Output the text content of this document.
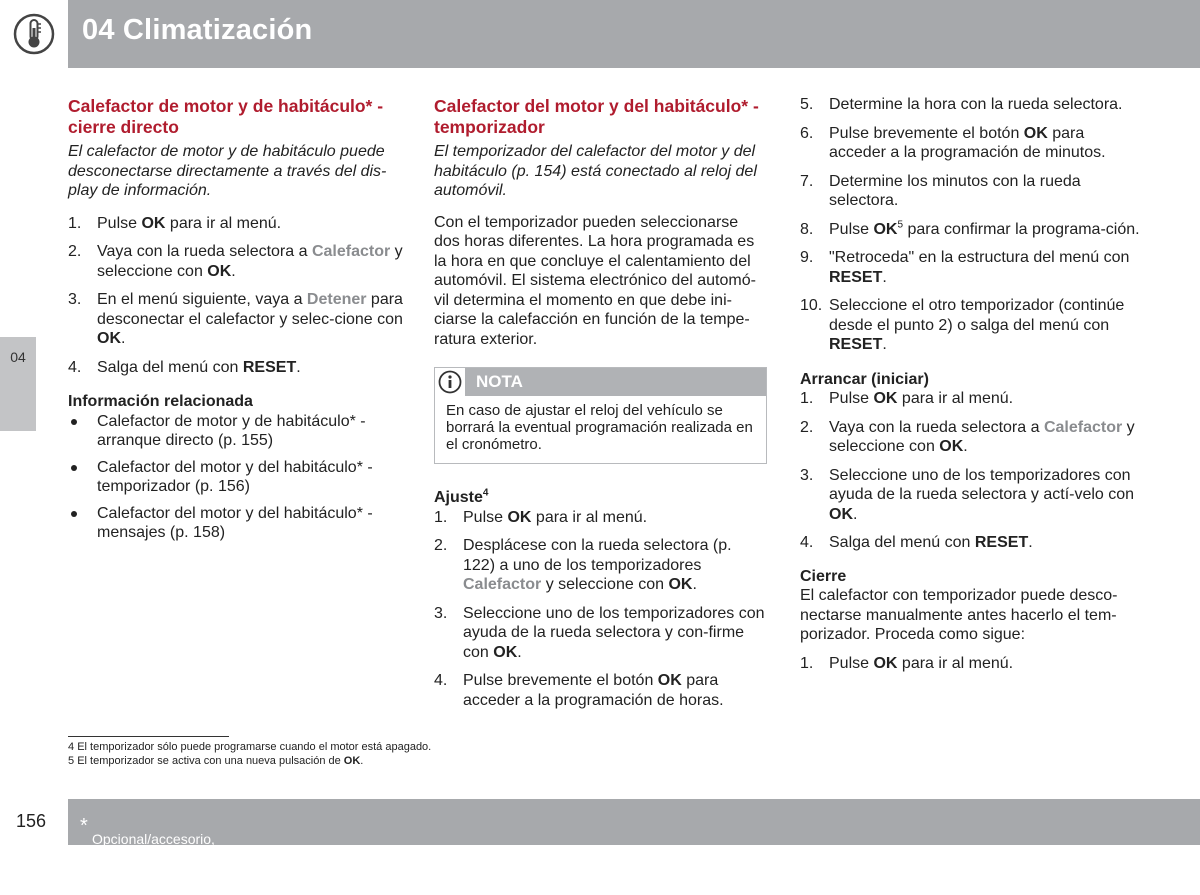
04 Climatización
04
Calefactor de motor y de habitáculo* - cierre directo

El calefactor de motor y de habitáculo puede desconectarse directamente a través del dis-play de información.

1. Pulse OK para ir al menú.
2. Vaya con la rueda selectora a Calefactor y seleccione con OK.
3. En el menú siguiente, vaya a Detener para desconectar el calefactor y selec-cione con OK.
4. Salga del menú con RESET.
Información relacionada
Calefactor de motor y de habitáculo* - arranque directo (p. 155)
Calefactor del motor y del habitáculo* - temporizador (p. 156)
Calefactor del motor y del habitáculo* - mensajes (p. 158)
Calefactor del motor y del habitáculo* - temporizador

El temporizador del calefactor del motor y del habitáculo (p. 154) está conectado al reloj del automóvil.

Con el temporizador pueden seleccionarse dos horas diferentes. La hora programada es la hora en que concluye el calentamiento del automóvil. El sistema electrónico del automó-vil determina el momento en que debe ini-ciarse la calefacción en función de la tempe-ratura exterior.

NOTA
En caso de ajustar el reloj del vehículo se borrará la eventual programación realizada en el cronómetro.
Ajuste$^4$
1. Pulse OK para ir al menú.
2. Desplácese con la rueda selectora (p. 122) a uno de los temporizadores Calefactor y seleccione con OK.
3. Seleccione uno de los temporizadores con ayuda de la rueda selectora y con-firme con OK.
4. Pulse brevemente el botón OK para acceder a la programación de horas.
5. Determine la hora con la rueda selectora.
6. Pulse brevemente el botón OK para acceder a la programación de minutos.
7. Determine los minutos con la rueda selectora.
8. Pulse $OK^5$ para confirmar la programa-ción.
9. "Retroceda" en la estructura del menú con RESET.
10. Seleccione el otro temporizador (continúe desde el punto 2) o salga del menú con RESET.
Arrancar (iniciar)
1. Pulse OK para ir al menú.
2. Vaya con la rueda selectora a Calefactor y seleccione con OK.
3. Seleccione uno de los temporizadores con ayuda de la rueda selectora y actí-velo con OK.
4. Salga del menú con RESET.
Cierre

El calefactor con temporizador puede desco-nectarse manualmente antes hacerlo el tem-porizador. Proceda como sigue:

1. Pulse OK para ir al menú.
4 El temporizador sólo puede programarse cuando el motor está apagado.
5 El temporizador se activa con una nueva pulsación de OK.
156 *
Opcional/accesorio, para mayor información, vea Introducción.
